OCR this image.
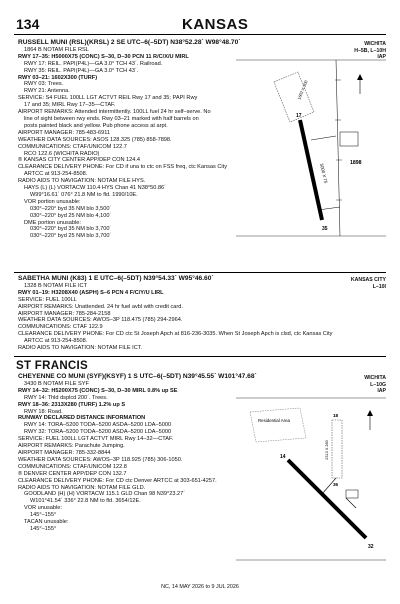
134	KANSAS
RUSSELL MUNI (RSL)(KRSL) 2 SE UTC–6(–5DT) N38°52.28´ W98°48.70´
1864 B NOTAM FILE RSL
RWY 17–35: H5000X75 (CONC) S–30, D–30 PCN 11 R/C/X/U MIRL
RWY 17: REIL. PAPI(P4L)—GA 3.0° TCH 43´. Railroad.
RWY 35: REIL. PAPI(P4L)—GA 3.0° TCH 43´.
RWY 03–21: 1602X300 (TURF)
RWY 03: Trees.
RWY 21: Antenna.
SERVICE: S4 FUEL 100LL LGT ACTVT REIL Rwy 17 and 35; PAPI Rwy
17 and 35; MIRL Rwy 17–35—CTAF.
AIRPORT REMARKS: Attended intermittently. 100LL fuel 24 hr self–serve. No
line of sight between rwy ends. Rwy 03–21 marked with half barrels on
posts painted black and yellow. Pub phone access at arpt.
AIRPORT MANAGER: 785-483-6911
WEATHER DATA SOURCES: ASOS 128.325 (785) 858-7898.
COMMUNICATIONS: CTAF/UNICOM 122.7
RCO 122.6 (WICHITA RADIO)
® KANSAS CITY CENTER APP/DEP CON 124.4
CLEARANCE DELIVERY PHONE: For CD if una to ctc on FSS freq, ctc Kansas City
ARTCC at 913-254-8508.
RADIO AIDS TO NAVIGATION: NOTAM FILE HYS.
HAYS (L) (L) VORTACW 110.4 HYS Chan 41 N38°50.86´
W99°16.61´ 076° 21.8 NM to fld. 1990/10E.
VOR portion unusable:
030°–220° byd 35 NM blo 3,500´
030°–220° byd 25 NM blo 4,100´
DME portion unusable:
030°–220° byd 35 NM blo 3,700´
030°–220° byd 25 NM blo 3,700´
WICHITA
H–5B, L–10H
IAP
1602 X 300
17
35
5000 X 75
1898
SABETHA MUNI (K83) 1 E UTC–6(–5DT) N39°54.33´ W95°46.60´
1328 B NOTAM FILE ICT
RWY 01–19: H3208X40 (ASPH) S–6 PCN 4 F/C/Y/U LIRL
SERVICE: FUEL 100LL
AIRPORT REMARKS: Unattended. 24 hr fuel avbl with credit card.
AIRPORT MANAGER: 785-284-2158
WEATHER DATA SOURCES: AWOS–3P 118.475 (785) 294-2964.
COMMUNICATIONS: CTAF 122.9
CLEARANCE DELIVERY PHONE: For CD ctc St Joseph Apch at 816-236-3035. When St Joseph Apch is clsd, ctc Kansas City
ARTCC at 913-254-8508.
RADIO AIDS TO NAVIGATION: NOTAM FILE ICT.
KANSAS CITY
L–10I
ST FRANCIS
CHEYENNE CO MUNI (SYF)(KSYF) 1 S UTC–6(–5DT) N39°45.55´ W101°47.68´
3430 B NOTAM FILE SYF
RWY 14–32: H5200X75 (CONC) S–30, D–30 MIRL 0.8% up SE
RWY 14: Thld dsplcd 200´. Trees.
RWY 18–36: 2313X280 (TURF) 1.2% up S
RWY 18: Road.
RUNWAY DECLARED DISTANCE INFORMATION
RWY 14: TORA–5200 TODA–5200 ASDA–5200 LDA–5000
RWY 32: TORA–5200 TODA–5200 ASDA–5200 LDA–5000
SERVICE: FUEL 100LL LGT ACTVT MIRL Rwy 14–32—CTAF.
AIRPORT REMARKS: Parachute Jumping.
AIRPORT MANAGER: 785-332-8844
WEATHER DATA SOURCES: AWOS–3P 118.925 (785) 306-1050.
COMMUNICATIONS: CTAF/UNICOM 122.8
® DENVER CENTER APP/DEP CON 132.7
CLEARANCE DELIVERY PHONE: For CD ctc Denver ARTCC at 303-651-4257.
RADIO AIDS TO NAVIGATION: NOTAM FILE GLD.
GOODLAND (H) (H) VORTACW 115.1 GLD Chan 98 N39°23.27´
W101°41.54´ 336° 22.8 NM to fld. 3654/12E.
VOR unusable:
145°–155°
TACAN unusable:
145°–155°
WICHITA
L–10G
IAP
Residential Area
2313 X 280
18
36
14
32
5200 X 75
NC, 14 MAY 2026 to 9 JUL 2026
